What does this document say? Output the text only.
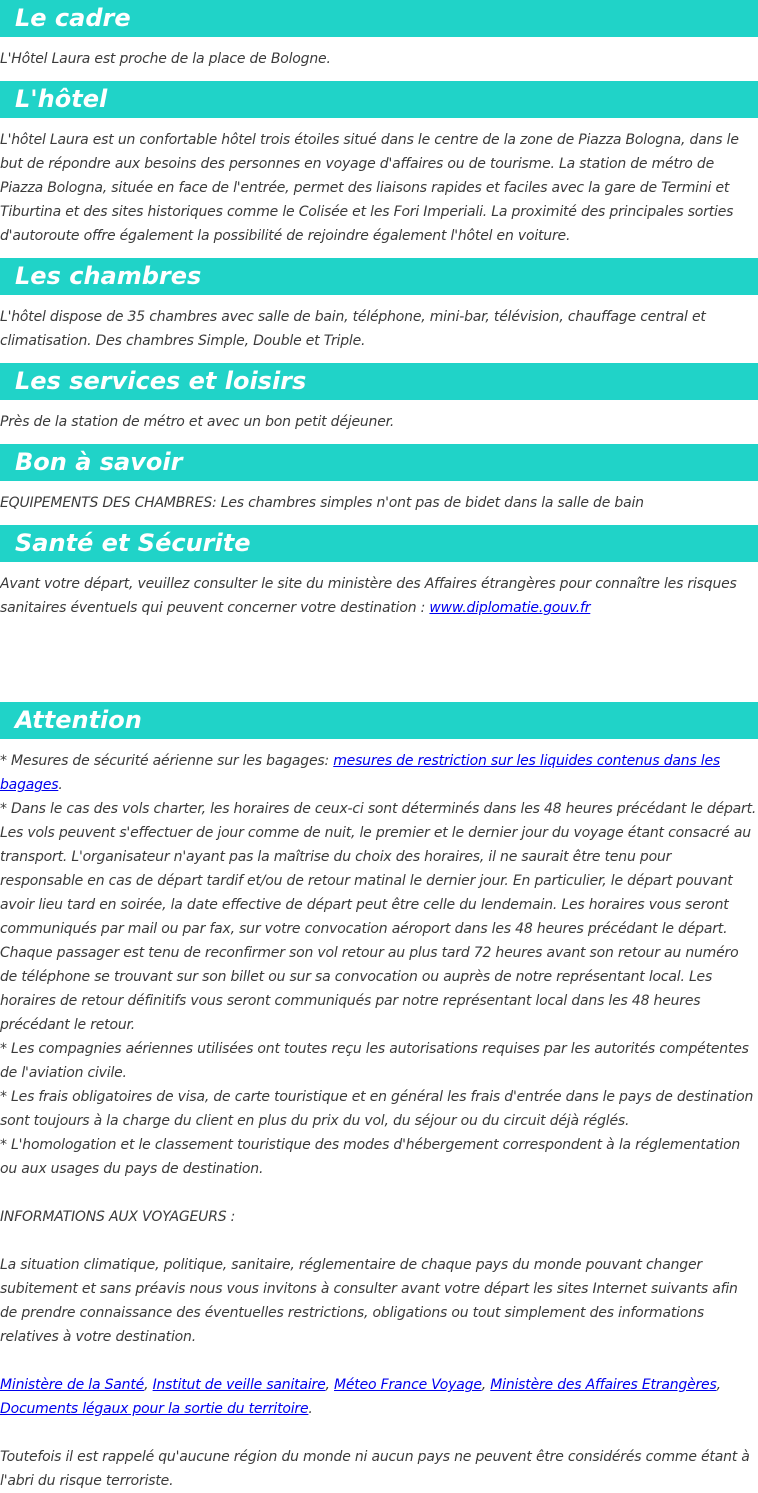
Le cadre

L'Hôtel Laura est proche de la place de Bologne.

L'hôtel

L'hôtel Laura est un confortable hôtel trois étoiles situé dans le centre de la zone de Piazza Bologna, dans le but de répondre aux besoins des personnes en voyage d'affaires ou de tourisme. La station de métro de Piazza Bologna, située en face de l'entrée, permet des liaisons rapides et faciles avec la gare de Termini et Tiburtina et des sites historiques comme le Colisée et les Fori Imperiali. La proximité des principales sorties d'autoroute offre également la possibilité de rejoindre également l'hôtel en voiture.

Les chambres

L'hôtel dispose de 35 chambres avec salle de bain, téléphone, mini-bar, télévision, chauffage central et climatisation. Des chambres Simple, Double et Triple.

Les services et loisirs

Près de la station de métro et avec un bon petit déjeuner.

Bon à savoir

EQUIPEMENTS DES CHAMBRES: Les chambres simples n'ont pas de bidet dans la salle de bain

Santé et Sécurite

Avant votre départ, veuillez consulter le site du ministère des Affaires étrangères pour connaître les risques sanitaires éventuels qui peuvent concerner votre destination : www.diplomatie.gouv.fr

Attention
* Mesures de sécurité aérienne sur les bagages: mesures de restriction sur les liquides contenus dans les bagages.
* Dans le cas des vols charter, les horaires de ceux-ci sont déterminés dans les 48 heures précédant le départ. Les vols peuvent s'effectuer de jour comme de nuit, le premier et le dernier jour du voyage étant consacré au transport. L'organisateur n'ayant pas la maîtrise du choix des horaires, il ne saurait être tenu pour responsable en cas de départ tardif et/ou de retour matinal le dernier jour. En particulier, le départ pouvant avoir lieu tard en soirée, la date effective de départ peut être celle du lendemain. Les horaires vous seront communiqués par mail ou par fax, sur votre convocation aéroport dans les 48 heures précédant le départ. Chaque passager est tenu de reconfirmer son vol retour au plus tard 72 heures avant son retour au numéro de téléphone se trouvant sur son billet ou sur sa convocation ou auprès de notre représentant local. Les horaires de retour définitifs vous seront communiqués par notre représentant local dans les 48 heures précédant le retour.
* Les compagnies aériennes utilisées ont toutes reçu les autorisations requises par les autorités compétentes de l'aviation civile.
* Les frais obligatoires de visa, de carte touristique et en général les frais d'entrée dans le pays de destination sont toujours à la charge du client en plus du prix du vol, du séjour ou du circuit déjà réglés.
* L'homologation et le classement touristique des modes d'hébergement correspondent à la réglementation ou aux usages du pays de destination.
INFORMATIONS AUX VOYAGEURS :
La situation climatique, politique, sanitaire, réglementaire de chaque pays du monde pouvant changer subitement et sans préavis nous vous invitons à consulter avant votre départ les sites Internet suivants afin de prendre connaissance des éventuelles restrictions, obligations ou tout simplement des informations relatives à votre destination.
Ministère de la Santé, Institut de veille sanitaire, Méteo France Voyage, Ministère des Affaires Etrangères, Documents légaux pour la sortie du territoire.
Toutefois il est rappelé qu'aucune région du monde ni aucun pays ne peuvent être considérés comme étant à l'abri du risque terroriste.
